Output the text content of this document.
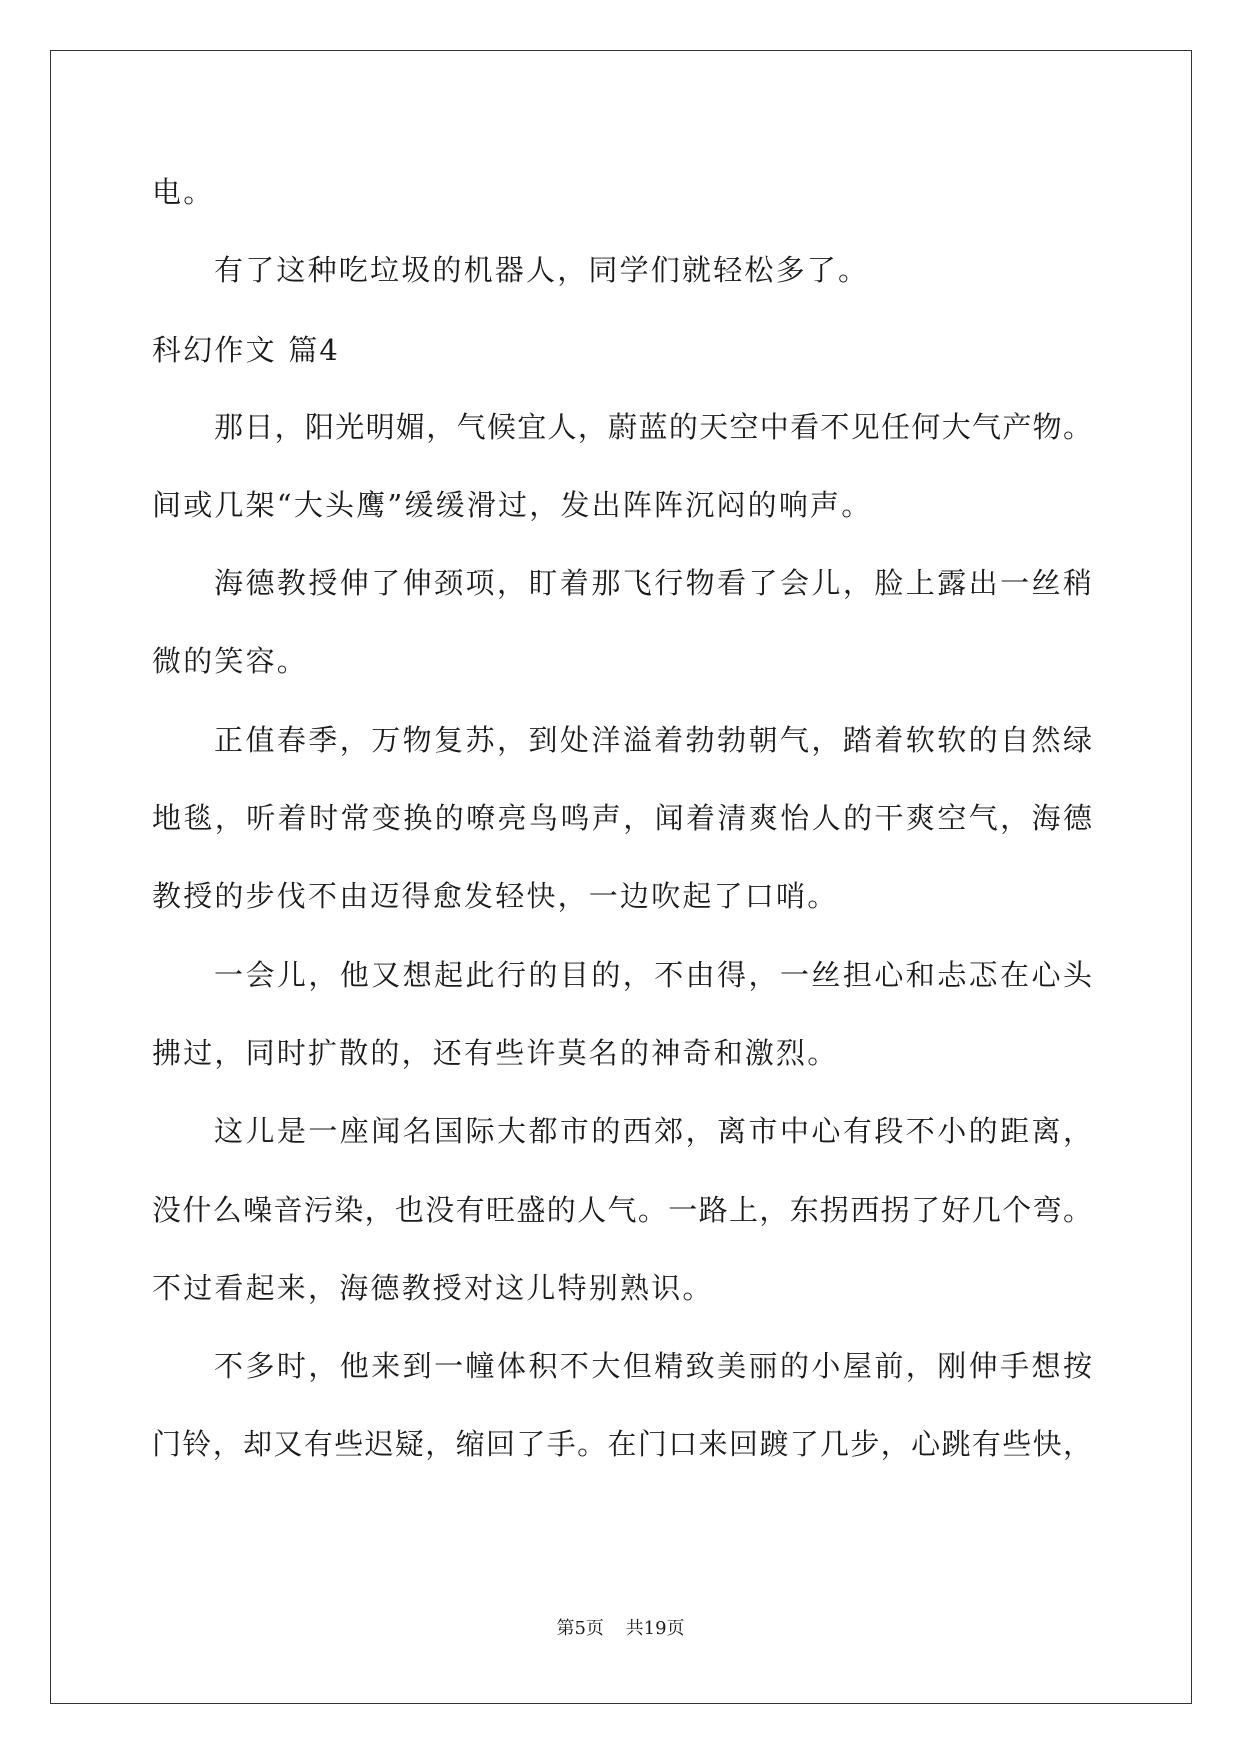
电。
有了这种吃垃圾的机器人，同学们就轻松多了。
科幻作文 篇4
那日，阳光明媚，气候宜人，蔚蓝的天空中看不见任何大气产物。
间或几架“大头鹰”缓缓滑过，发出阵阵沉闷的响声。
海德教授伸了伸颈项，盯着那飞行物看了会儿，脸上露出一丝稍
微的笑容。
正值春季，万物复苏，到处洋溢着勃勃朝气，踏着软软的自然绿
地毯，听着时常变换的嘹亮鸟鸣声，闻着清爽怡人的干爽空气，海德
教授的步伐不由迈得愈发轻快，一边吹起了口哨。
一会儿，他又想起此行的目的，不由得，一丝担心和忐忑在心头
拂过，同时扩散的，还有些许莫名的神奇和激烈。
这儿是一座闻名国际大都市的西郊，离市中心有段不小的距离，
没什么噪音污染，也没有旺盛的人气。一路上，东拐西拐了好几个弯。
不过看起来，海德教授对这儿特别熟识。
不多时，他来到一幢体积不大但精致美丽的小屋前，刚伸手想按
门铃，却又有些迟疑，缩回了手。在门口来回踱了几步，心跳有些快，
第5页 共19页
